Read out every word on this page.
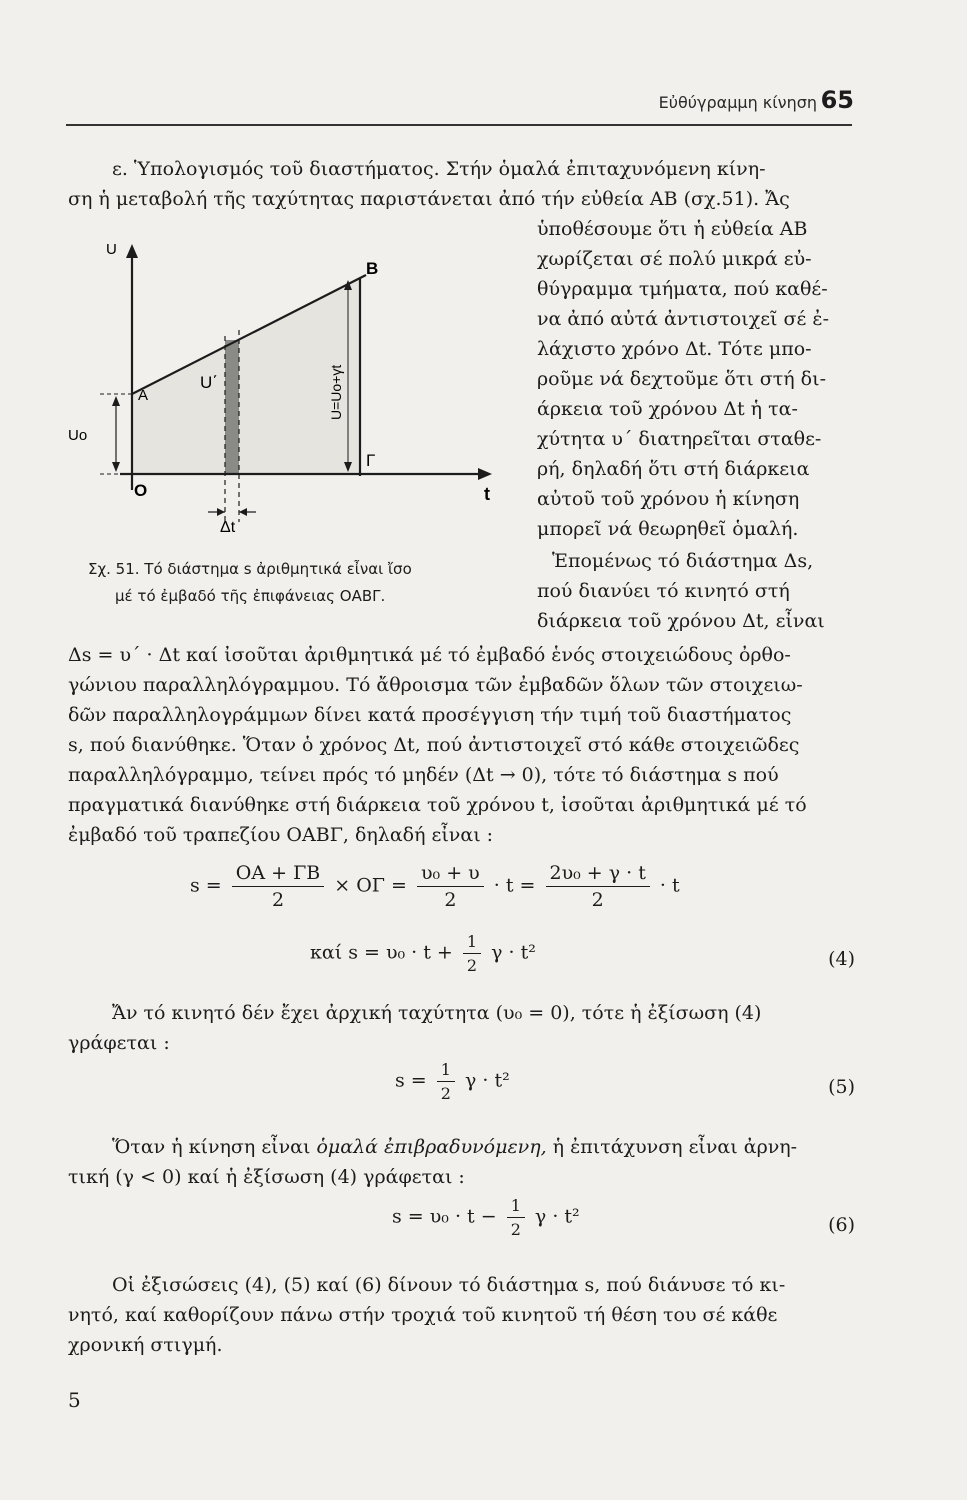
Εὐθύγραμμη κίνηση 65
ε. Ὑπολογισμός τοῦ διαστήματος. Στήν ὁμαλά ἐπιταχυνόμενη κίνη-
ση ἡ μεταβολή τῆς ταχύτητας παριστάνεται ἀπό τήν εὐθεία ΑΒ (σχ.51). Ἄς
ὑποθέσουμε ὅτι ἡ εὐθεία ΑΒ
χωρίζεται σέ πολύ μικρά εὐ-
θύγραμμα τμήματα, πού καθέ-
να ἀπό αὐτά ἀντιστοιχεῖ σέ ἐ-
λάχιστο χρόνο Δt. Τότε μπο-
ροῦμε νά δεχτοῦμε ὅτι στή δι-
άρκεια τοῦ χρόνου Δt ἡ τα-
χύτητα υ΄ διατηρεῖται σταθε-
ρή, δηλαδή ὅτι στή διάρκεια
αὐτοῦ τοῦ χρόνου ἡ κίνηση
μπορεῖ νά θεωρηθεῖ ὁμαλή.
Ἑπομένως τό διάστημα Δs,
πού διανύει τό κινητό στή
διάρκεια τοῦ χρόνου Δt, εἶναι
U
B
A
Uo
O
U΄
Γ
t
Δt
U=Uo+γt
Σχ. 51. Τό διάστημα s ἀριθμητικά εἶναι ἴσο
μέ τό ἐμβαδό τῆς ἐπιφάνειας ΟΑΒΓ.
Δs = υ΄ · Δt καί ἰσοῦται ἀριθμητικά μέ τό ἐμβαδό ἑνός στοιχειώδους ὀρθο-
γώνιου παραλληλόγραμμου. Τό ἄθροισμα τῶν ἐμβαδῶν ὅλων τῶν στοιχειω-
δῶν παραλληλογράμμων δίνει κατά προσέγγιση τήν τιμή τοῦ διαστήματος
s, πού διανύθηκε. Ὅταν ὁ χρόνος Δt, πού ἀντιστοιχεῖ στό κάθε στοιχειῶδες
παραλληλόγραμμο, τείνει πρός τό μηδέν (Δt → 0), τότε τό διάστημα s πού
πραγματικά διανύθηκε στή διάρκεια τοῦ χρόνου t, ἰσοῦται ἀριθμητικά μέ τό
ἐμβαδό τοῦ τραπεζίου ΟΑΒΓ, δηλαδή εἶναι :
$s = \frac{OA + \Gamma B}{2} \times O\Gamma = \frac{\text{υ₀ + υ}}{2} \cdot t = \frac{\text{2υ₀ + γ · t}}{2} \cdot t$
καί $s = \upsilon_0 \cdot t + \frac{1}{2}$ γ · t²	(4)
Ἄν τό κινητό δέν ἔχει ἀρχική ταχύτητα (υ₀ = 0), τότε ἡ ἐξίσωση (4)
γράφεται :
$s = \frac{1}{2}$ γ · t²	(5)
Ὅταν ἡ κίνηση εἶναι ὁμαλά ἐπιβραδυνόμενη, ἡ ἐπιτάχυνση εἶναι ἀρνη-
τική (γ < 0) καί ἡ ἐξίσωση (4) γράφεται :
$s = \upsilon_0 \cdot t - \frac{1}{2}$ γ · t²	(6)
Οἱ ἐξισώσεις (4), (5) καί (6) δίνουν τό διάστημα s, πού διάνυσε τό κι-
νητό, καί καθορίζουν πάνω στήν τροχιά τοῦ κινητοῦ τή θέση του σέ κάθε
χρονική στιγμή.
5
